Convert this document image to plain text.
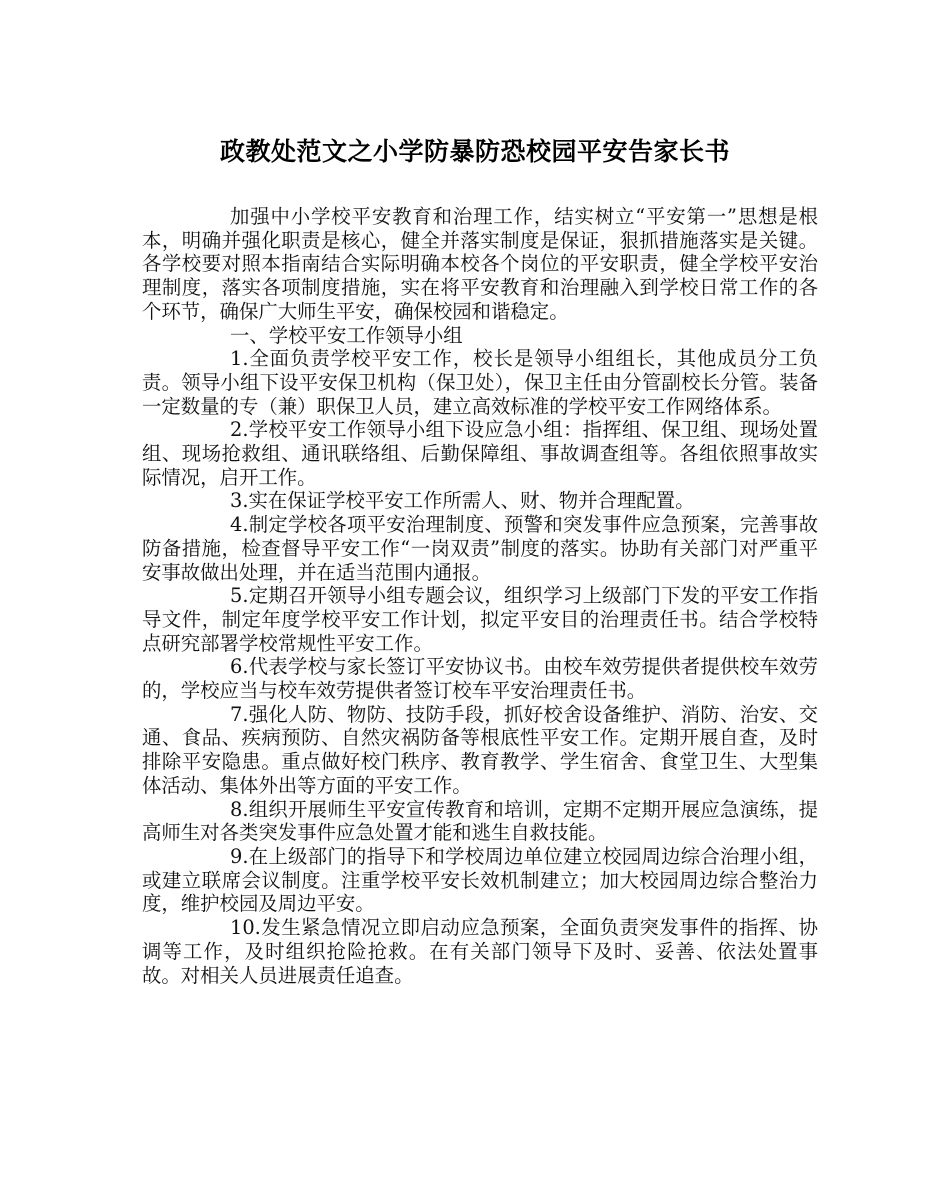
政教处范文之小学防暴防恐校园平安告家长书

加强中小学校平安教育和治理工作，结实树立“平安第一”思想是根本，明确并强化职责是核心，健全并落实制度是保证，狠抓措施落实是关键。各学校要对照本指南结合实际明确本校各个岗位的平安职责，健全学校平安治理制度，落实各项制度措施，实在将平安教育和治理融入到学校日常工作的各个环节，确保广大师生平安，确保校园和谐稳定。

一、学校平安工作领导小组

1.全面负责学校平安工作，校长是领导小组组长，其他成员分工负责。领导小组下设平安保卫机构（保卫处），保卫主任由分管副校长分管。装备一定数量的专（兼）职保卫人员，建立高效标准的学校平安工作网络体系。

2.学校平安工作领导小组下设应急小组：指挥组、保卫组、现场处置组、现场抢救组、通讯联络组、后勤保障组、事故调查组等。各组依照事故实际情况，启开工作。

3.实在保证学校平安工作所需人、财、物并合理配置。

4.制定学校各项平安治理制度、预警和突发事件应急预案，完善事故防备措施，检查督导平安工作“一岗双责”制度的落实。协助有关部门对严重平安事故做出处理，并在适当范围内通报。

5.定期召开领导小组专题会议，组织学习上级部门下发的平安工作指导文件，制定年度学校平安工作计划，拟定平安目的治理责任书。结合学校特点研究部署学校常规性平安工作。

6.代表学校与家长签订平安协议书。由校车效劳提供者提供校车效劳的，学校应当与校车效劳提供者签订校车平安治理责任书。

7.强化人防、物防、技防手段，抓好校舍设备维护、消防、治安、交通、食品、疾病预防、自然灾祸防备等根底性平安工作。定期开展自查，及时排除平安隐患。重点做好校门秩序、教育教学、学生宿舍、食堂卫生、大型集体活动、集体外出等方面的平安工作。

8.组织开展师生平安宣传教育和培训，定期不定期开展应急演练，提高师生对各类突发事件应急处置才能和逃生自救技能。

9.在上级部门的指导下和学校周边单位建立校园周边综合治理小组，或建立联席会议制度。注重学校平安长效机制建立；加大校园周边综合整治力度，维护校园及周边平安。

10.发生紧急情况立即启动应急预案，全面负责突发事件的指挥、协调等工作，及时组织抢险抢救。在有关部门领导下及时、妥善、依法处置事故。对相关人员进展责任追查。
